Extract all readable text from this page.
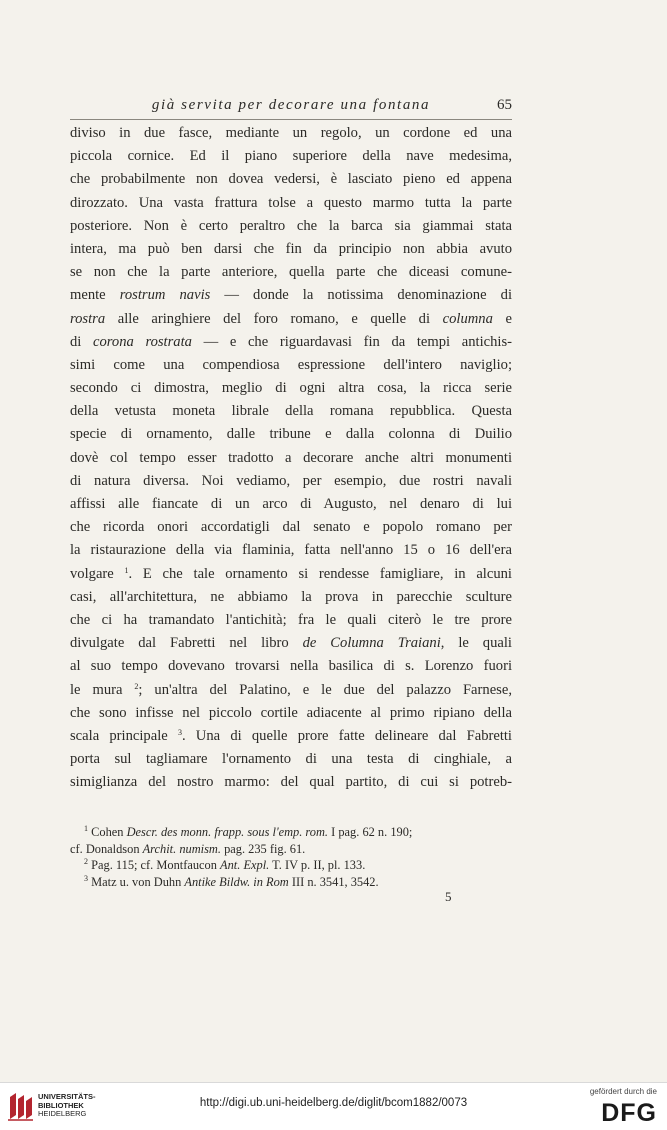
già servita per decorare una fontana	65
diviso in due fasce, mediante un regolo, un cordone ed una
piccola cornice. Ed il piano superiore della nave medesima,
che probabilmente non dovea vedersi, è lasciato pieno ed appena
dirozzato. Una vasta frattura tolse a questo marmo tutta la parte
posteriore. Non è certo peraltro che la barca sia giammai stata
intera, ma può ben darsi che fin da principio non abbia avuto
se non che la parte anteriore, quella parte che diceasi comune-
mente rostrum navis — donde la notissima denominazione di
rostra alle aringhiere del foro romano, e quelle di columna e
di corona rostrata — e che riguardavasi fin da tempi antichis-
simi come una compendiosa espressione dell'intero naviglio;
secondo ci dimostra, meglio di ogni altra cosa, la ricca serie
della vetusta moneta librale della romana repubblica. Questa
specie di ornamento, dalle tribune e dalla colonna di Duilio
dovè col tempo esser tradotto a decorare anche altri monumenti
di natura diversa. Noi vediamo, per esempio, due rostri navali
affissi alle fiancate di un arco di Augusto, nel denaro di lui
che ricorda onori accordatigli dal senato e popolo romano per
la ristaurazione della via flaminia, fatta nell'anno 15 o 16 dell'era
volgare $^1$. E che tale ornamento si rendesse famigliare, in alcuni
casi, all'architettura, ne abbiamo la prova in parecchie sculture
che ci ha tramandato l'antichità; fra le quali citerò le tre prore
divulgate dal Fabretti nel libro de Columna Traiani, le quali
al suo tempo dovevano trovarsi nella basilica di s. Lorenzo fuori
le mura $^2$; un'altra del Palatino, e le due del palazzo Farnese,
che sono infisse nel piccolo cortile adiacente al primo ripiano della
scala principale $^3$. Una di quelle prore fatte delineare dal Fabretti
porta sul tagliamare l'ornamento di una testa di cinghiale, a
simiglianza del nostro marmo: del qual partito, di cui si potreb-
$^1$ Cohen Descr. des monn. frapp. sous l'emp. rom. I pag. 62 n. 190;
cf. Donaldson Archit. numism. pag. 235 fig. 61.
$^2$ Pag. 115; cf. Montfaucon Ant. Expl. T. IV p. II, pl. 133.
$^3$ Matz u. von Duhn Antike Bildw. in Rom III n. 3541, 3542.
5
UNIVERSITÄTS-
BIBLIOTHEK
HEIDELBERG
http://digi.ub.uni-heidelberg.de/diglit/bcom1882/0073
gefördert durch die
DFG
